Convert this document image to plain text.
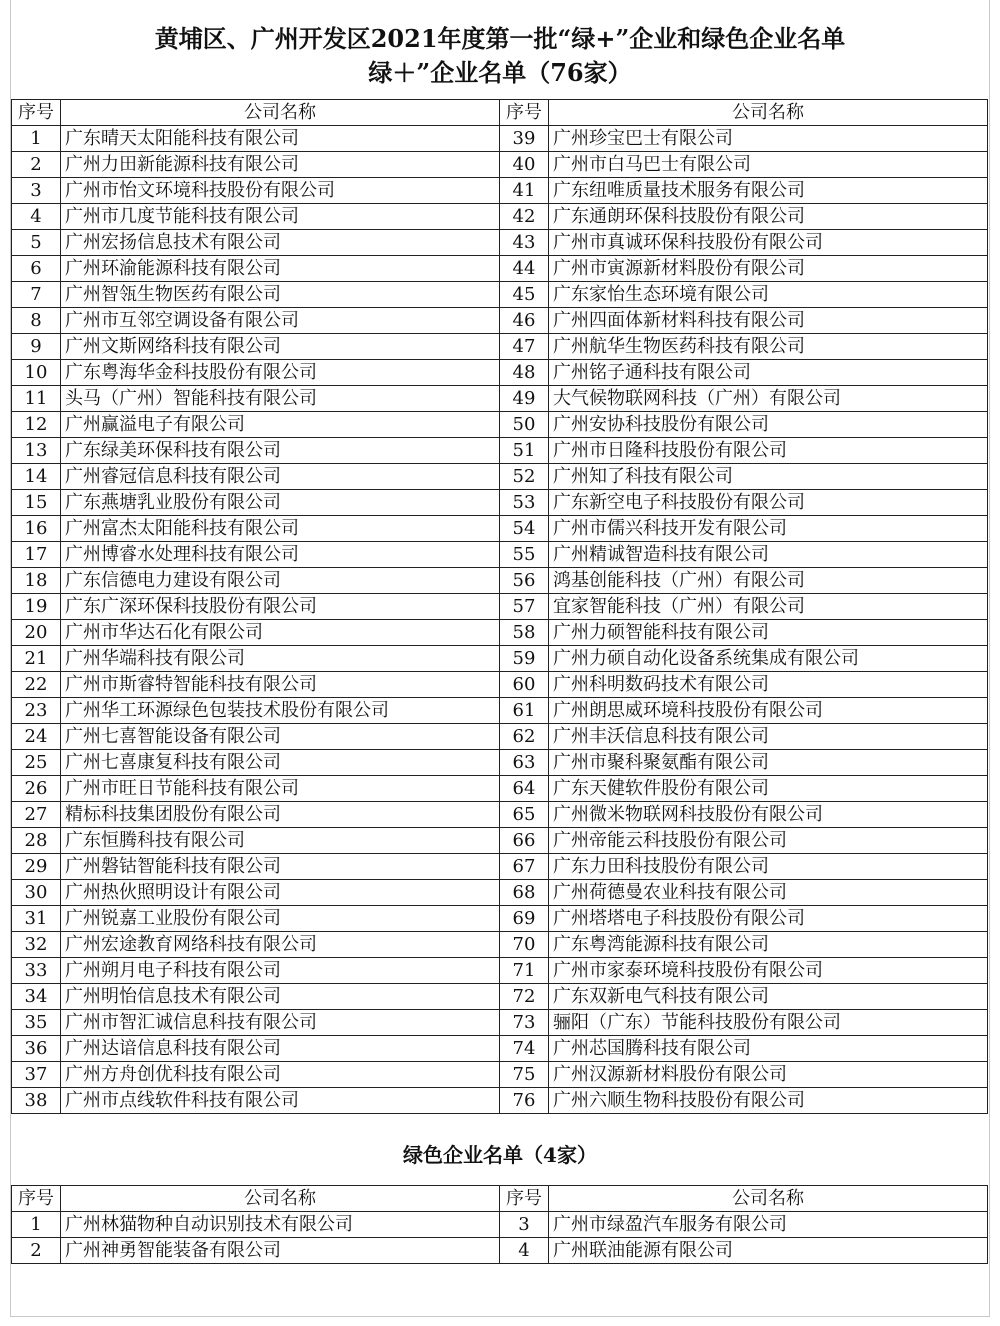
黄埔区、广州开发区2021年度第一批“绿+”企业和绿色企业名单
绿＋”企业名单（76家）
序号	公司名称	序号	公司名称
1	广东晴天太阳能科技有限公司	39	广州珍宝巴士有限公司
2	广州力田新能源科技有限公司	40	广州市白马巴士有限公司
3	广州市怡文环境科技股份有限公司	41	广东纽唯质量技术服务有限公司
4	广州市几度节能科技有限公司	42	广东通朗环保科技股份有限公司
5	广州宏扬信息技术有限公司	43	广州市真诚环保科技股份有限公司
6	广州环渝能源科技有限公司	44	广州市寅源新材料股份有限公司
7	广州智瓴生物医药有限公司	45	广东家怡生态环境有限公司
8	广州市互邻空调设备有限公司	46	广州四面体新材料科技有限公司
9	广州文斯网络科技有限公司	47	广州航华生物医药科技有限公司
10	广东粤海华金科技股份有限公司	48	广州铭子通科技有限公司
11	头马（广州）智能科技有限公司	49	大气候物联网科技（广州）有限公司
12	广州赢溢电子有限公司	50	广州安协科技股份有限公司
13	广东绿美环保科技有限公司	51	广州市日隆科技股份有限公司
14	广州睿冠信息科技有限公司	52	广州知了科技有限公司
15	广东燕塘乳业股份有限公司	53	广东新空电子科技股份有限公司
16	广州富杰太阳能科技有限公司	54	广州市儒兴科技开发有限公司
17	广州博睿水处理科技有限公司	55	广州精诚智造科技有限公司
18	广东信德电力建设有限公司	56	鸿基创能科技（广州）有限公司
19	广东广深环保科技股份有限公司	57	宜家智能科技（广州）有限公司
20	广州市华达石化有限公司	58	广州力硕智能科技有限公司
21	广州华端科技有限公司	59	广州力硕自动化设备系统集成有限公司
22	广州市斯睿特智能科技有限公司	60	广州科明数码技术有限公司
23	广州华工环源绿色包装技术股份有限公司	61	广州朗思威环境科技股份有限公司
24	广州七喜智能设备有限公司	62	广州丰沃信息科技有限公司
25	广州七喜康复科技有限公司	63	广州市聚科聚氨酯有限公司
26	广州市旺日节能科技有限公司	64	广东天健软件股份有限公司
27	精标科技集团股份有限公司	65	广州微米物联网科技股份有限公司
28	广东恒腾科技有限公司	66	广州帝能云科技股份有限公司
29	广州磐钴智能科技有限公司	67	广东力田科技股份有限公司
30	广州热伙照明设计有限公司	68	广州荷德曼农业科技有限公司
31	广州锐嘉工业股份有限公司	69	广州塔塔电子科技股份有限公司
32	广州宏途教育网络科技有限公司	70	广东粤湾能源科技有限公司
33	广州朔月电子科技有限公司	71	广州市家泰环境科技股份有限公司
34	广州明怡信息技术有限公司	72	广东双新电气科技有限公司
35	广州市智汇诚信息科技有限公司	73	骊阳（广东）节能科技股份有限公司
36	广州达谙信息科技有限公司	74	广州芯国腾科技有限公司
37	广州方舟创优科技有限公司	75	广州汉源新材料股份有限公司
38	广州市点线软件科技有限公司	76	广州六顺生物科技股份有限公司
绿色企业名单（4家）
序号	公司名称	序号	公司名称
1	广州林猫物种自动识别技术有限公司	3	广州市绿盈汽车服务有限公司
2	广州神勇智能装备有限公司	4	广州联油能源有限公司
